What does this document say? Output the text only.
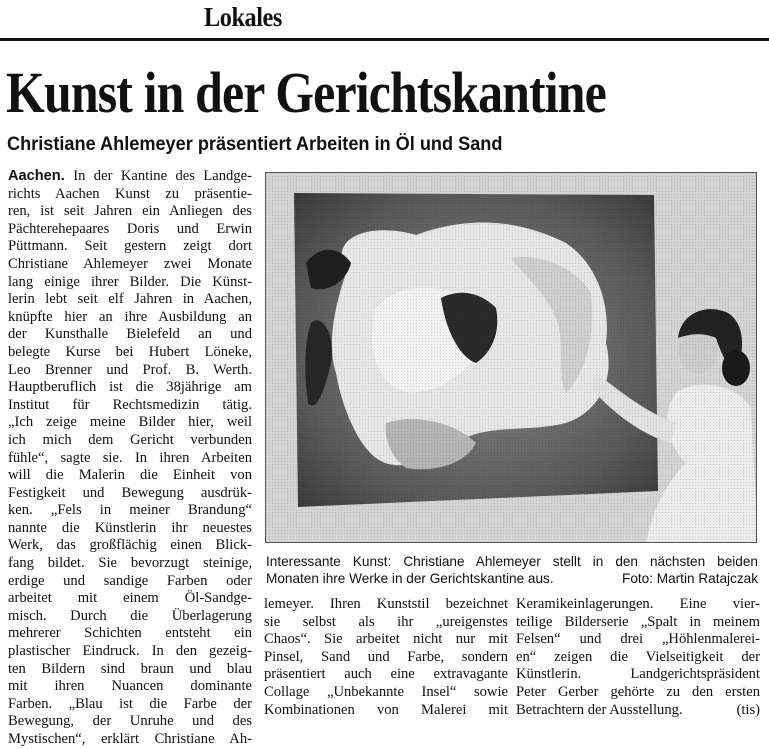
Lokales
Kunst in der Gerichtskantine
Christiane Ahlemeyer präsentiert Arbeiten in Öl und Sand
Aachen. In der Kantine des Landge-
richts Aachen Kunst zu präsentie-
ren, ist seit Jahren ein Anliegen des
Pächterehepaares Doris und Erwin
Püttmann. Seit gestern zeigt dort
Christiane Ahlemeyer zwei Monate
lang einige ihrer Bilder. Die Künst-
lerin lebt seit elf Jahren in Aachen,
knüpfte hier an ihre Ausbildung an
der Kunsthalle Bielefeld an und
belegte Kurse bei Hubert Löneke,
Leo Brenner und Prof. B. Werth.
Hauptberuflich ist die 38jährige am
Institut für Rechtsmedizin tätig.
„Ich zeige meine Bilder hier, weil
ich mich dem Gericht verbunden
fühle“, sagte sie. In ihren Arbeiten
will die Malerin die Einheit von
Festigkeit und Bewegung ausdrük-
ken. „Fels in meiner Brandung“
nannte die Künstlerin ihr neuestes
Werk, das großflächig einen Blick-
fang bildet. Sie bevorzugt steinige,
erdige und sandige Farben oder
arbeitet mit einem Öl-Sandge-
misch. Durch die Überlagerung
mehrerer Schichten entsteht ein
plastischer Eindruck. In den gezeig-
ten Bildern sind braun und blau
mit ihren Nuancen dominante
Farben. „Blau ist die Farbe der
Bewegung, der Unruhe und des
Mystischen“, erklärt Christiane Ah-
Interessante Kunst: Christiane Ahlemeyer stellt in den nächsten beiden
Monaten ihre Werke in der Gerichtskantine aus.	Foto: Martin Ratajczak
lemeyer. Ihren Kunststil bezeichnet
sie selbst als ihr „ureigenstes
Chaos“. Sie arbeitet nicht nur mit
Pinsel, Sand und Farbe, sondern
präsentiert auch eine extravagante
Collage „Unbekannte Insel“ sowie
Kombinationen von Malerei mit
Keramikeinlagerungen. Eine vier-
teilige Bilderserie „Spalt in meinem
Felsen“ und drei „Höhlenmalerei-
en“ zeigen die Vielseitigkeit der
Künstlerin. Landgerichtspräsident
Peter Gerber gehörte zu den ersten
Betrachtern der Ausstellung.	(tis)
